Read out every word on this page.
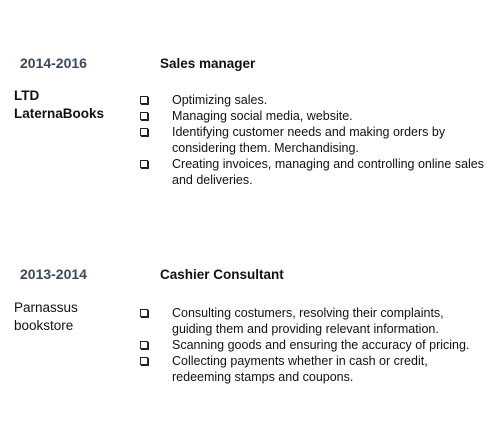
2014-2016	Sales manager
LTD
LaternaBooks
Optimizing sales.
Managing social media, website.
Identifying customer needs and making orders by considering them. Merchandising.
Creating invoices, managing and controlling online sales and deliveries.
2013-2014	Cashier Consultant
Parnassus
bookstore
Consulting costumers, resolving their complaints, guiding them and providing relevant information.
Scanning goods and ensuring the accuracy of pricing.
Collecting payments whether in cash or credit, redeeming stamps and coupons.
